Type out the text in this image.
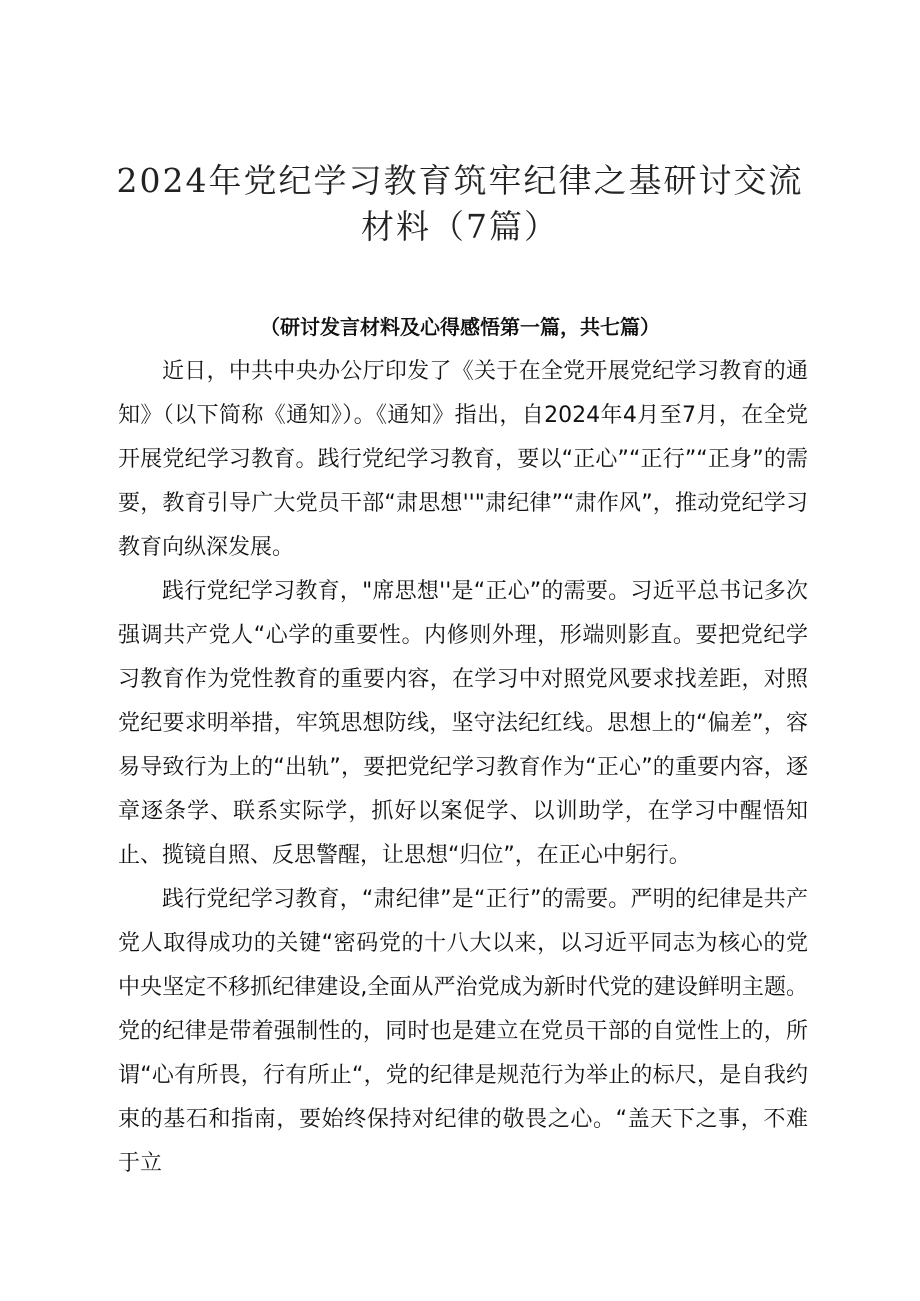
2024年党纪学习教育筑牢纪律之基研讨交流
材料（7篇）

（研讨发言材料及心得感悟第一篇，共七篇）

近日，中共中央办公厅印发了《关于在全党开展党纪学习教育的通知》（以下简称《通知》）。《通知》指出，自2024年4月至7月，在全党开展党纪学习教育。践行党纪学习教育，要以“正心”“正行”“正身”的需要，教育引导广大党员干部“肃思想''"肃纪律”“肃作风”，推动党纪学习教育向纵深发展。

践行党纪学习教育，"席思想''是“正心”的需要。习近平总书记多次强调共产党人“心学的重要性。内修则外理，形端则影直。要把党纪学习教育作为党性教育的重要内容，在学习中对照党风要求找差距，对照党纪要求明举措，牢筑思想防线，坚守法纪红线。思想上的“偏差”，容易导致行为上的“出轨”，要把党纪学习教育作为“正心”的重要内容，逐章逐条学、联系实际学，抓好以案促学、以训助学，在学习中醒悟知止、揽镜自照、反思警醒，让思想“归位”，在正心中躬行。

践行党纪学习教育，“肃纪律”是“正行”的需要。严明的纪律是共产党人取得成功的关键“密码党的十八大以来，以习近平同志为核心的党中央坚定不移抓纪律建设,全面从严治党成为新时代党的建设鲜明主题。党的纪律是带着强制性的，同时也是建立在党员干部的自觉性上的，所谓“心有所畏，行有所止“，党的纪律是规范行为举止的标尺，是自我约束的基石和指南，要始终保持对纪律的敬畏之心。“盖天下之事，不难于立
